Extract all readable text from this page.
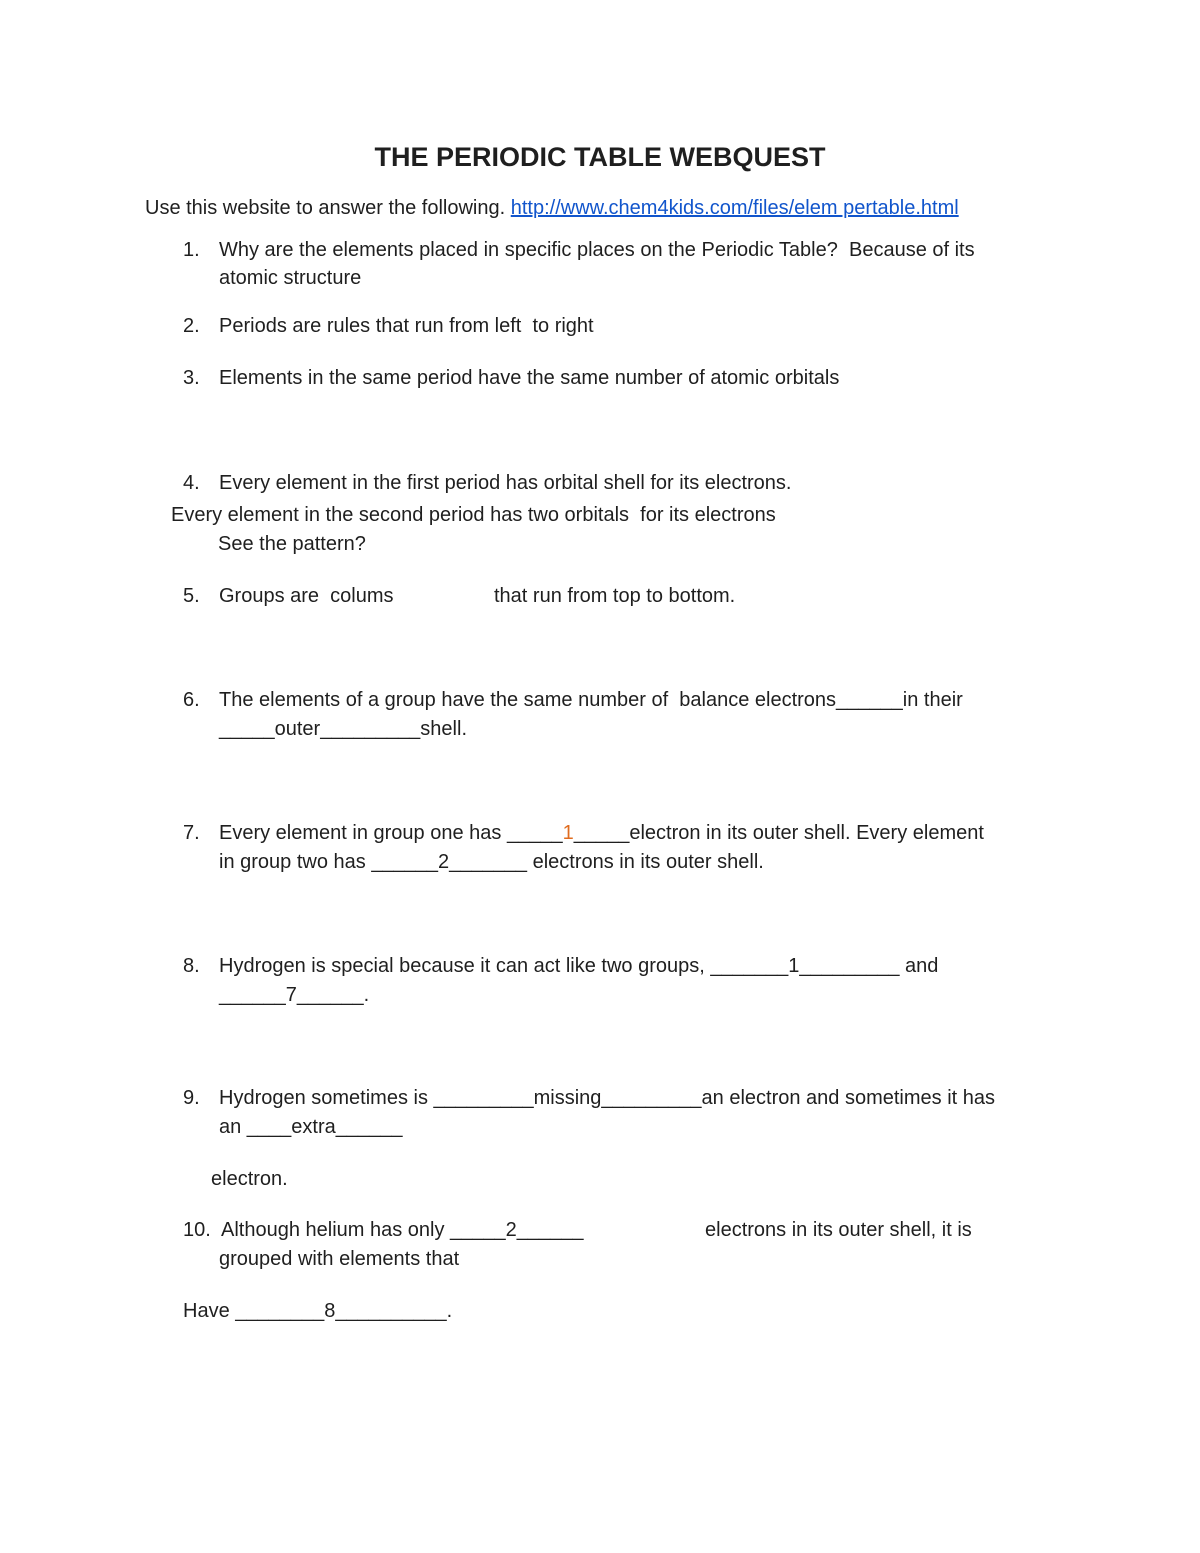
THE PERIODIC TABLE WEBQUEST
Use this website to answer the following. http://www.chem4kids.com/files/elem pertable.html
1. Why are the elements placed in specific places on the Periodic Table?  Because of its
atomic structure
2. Periods are rules that run from left  to right
3. Elements in the same period have the same number of atomic orbitals
4. Every element in the first period has orbital shell for its electrons.
Every element in the second period has two orbitals  for its electrons
See the pattern?
5. Groups are  colums	that run from top to bottom.
6. The elements of a group have the same number of  balance electrons______in their
_____outer_________shell.
7. Every element in group one has _____1_____electron in its outer shell. Every element
in group two has ______2_______ electrons in its outer shell.
8. Hydrogen is special because it can act like two groups, _______1_________ and
______7______.
9. Hydrogen sometimes is _________missing_________an electron and sometimes it has
an ____extra______
electron.
10. Although helium has only _____2______	electrons in its outer shell, it is
grouped with elements that
Have ________8__________.
